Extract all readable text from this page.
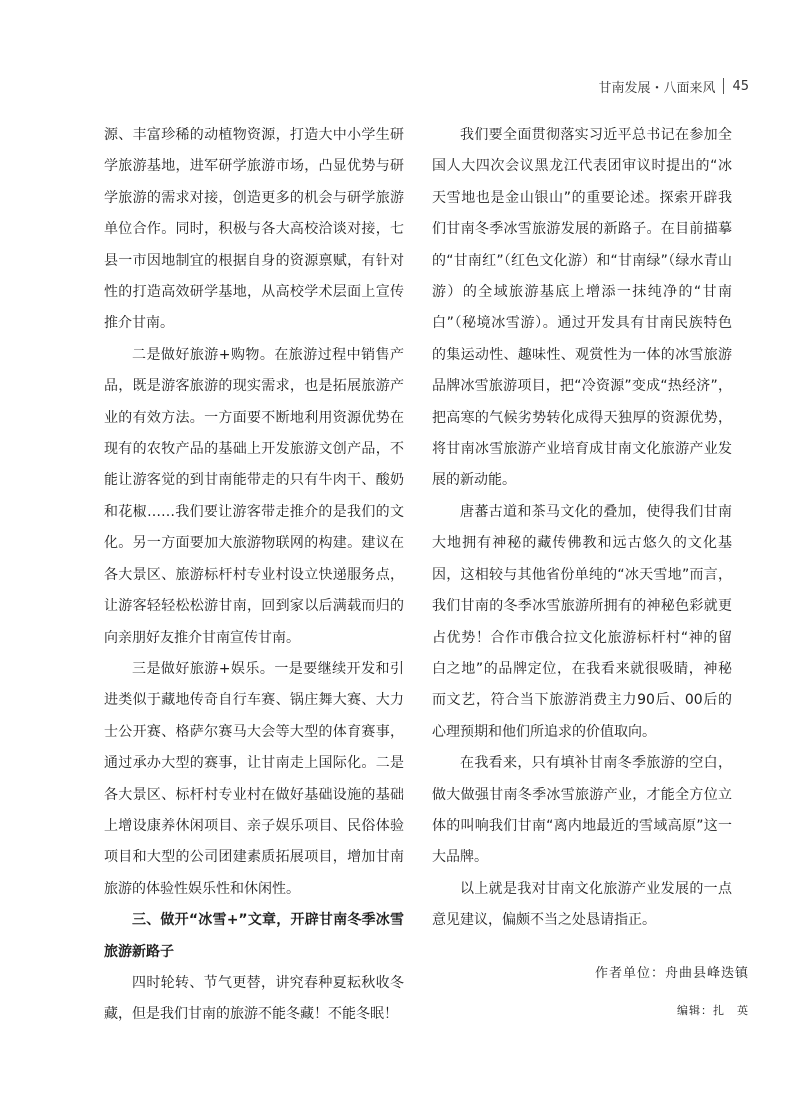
甘南发展・八面来风 45

源、丰富珍稀的动植物资源，打造大中小学生研学旅游基地，进军研学旅游市场，凸显优势与研学旅游的需求对接，创造更多的机会与研学旅游单位合作。同时，积极与各大高校洽谈对接，七县一市因地制宜的根据自身的资源禀赋，有针对性的打造高效研学基地，从高校学术层面上宣传推介甘南。

二是做好旅游+购物。在旅游过程中销售产品，既是游客旅游的现实需求，也是拓展旅游产业的有效方法。一方面要不断地利用资源优势在现有的农牧产品的基础上开发旅游文创产品，不能让游客觉的到甘南能带走的只有牛肉干、酸奶和花椒……我们要让游客带走推介的是我们的文化。另一方面要加大旅游物联网的构建。建议在各大景区、旅游标杆村专业村设立快递服务点，让游客轻轻松松游甘南，回到家以后满载而归的向亲朋好友推介甘南宣传甘南。

三是做好旅游+娱乐。一是要继续开发和引进类似于藏地传奇自行车赛、锅庄舞大赛、大力士公开赛、格萨尔赛马大会等大型的体育赛事，通过承办大型的赛事，让甘南走上国际化。二是各大景区、标杆村专业村在做好基础设施的基础上增设康养休闲项目、亲子娱乐项目、民俗体验项目和大型的公司团建素质拓展项目，增加甘南旅游的体验性娱乐性和休闲性。

三、做开“冰雪+”文章，开辟甘南冬季冰雪旅游新路子

四时轮转、节气更替，讲究春种夏耘秋收冬藏，但是我们甘南的旅游不能冬藏！不能冬眠！

我们要全面贯彻落实习近平总书记在参加全国人大四次会议黑龙江代表团审议时提出的“冰天雪地也是金山银山”的重要论述。探索开辟我们甘南冬季冰雪旅游发展的新路子。在目前描摹的“甘南红”（红色文化游）和“甘南绿”（绿水青山游）的全域旅游基底上增添一抹纯净的“甘南白”（秘境冰雪游）。通过开发具有甘南民族特色的集运动性、趣味性、观赏性为一体的冰雪旅游品牌冰雪旅游项目，把“冷资源”变成“热经济”，把高寒的气候劣势转化成得天独厚的资源优势，将甘南冰雪旅游产业培育成甘南文化旅游产业发展的新动能。

唐蕃古道和茶马文化的叠加，使得我们甘南大地拥有神秘的藏传佛教和远古悠久的文化基因，这相较与其他省份单纯的“冰天雪地”而言，我们甘南的冬季冰雪旅游所拥有的神秘色彩就更占优势！合作市俄合拉文化旅游标杆村“神的留白之地”的品牌定位，在我看来就很吸睛，神秘而文艺，符合当下旅游消费主力90后、00后的心理预期和他们所追求的价值取向。

在我看来，只有填补甘南冬季旅游的空白，做大做强甘南冬季冰雪旅游产业，才能全方位立体的叫响我们甘南“离内地最近的雪域高原”这一大品牌。

以上就是我对甘南文化旅游产业发展的一点意见建议，偏颇不当之处恳请指正。

作者单位：舟曲县峰迭镇
编辑：扎　英
